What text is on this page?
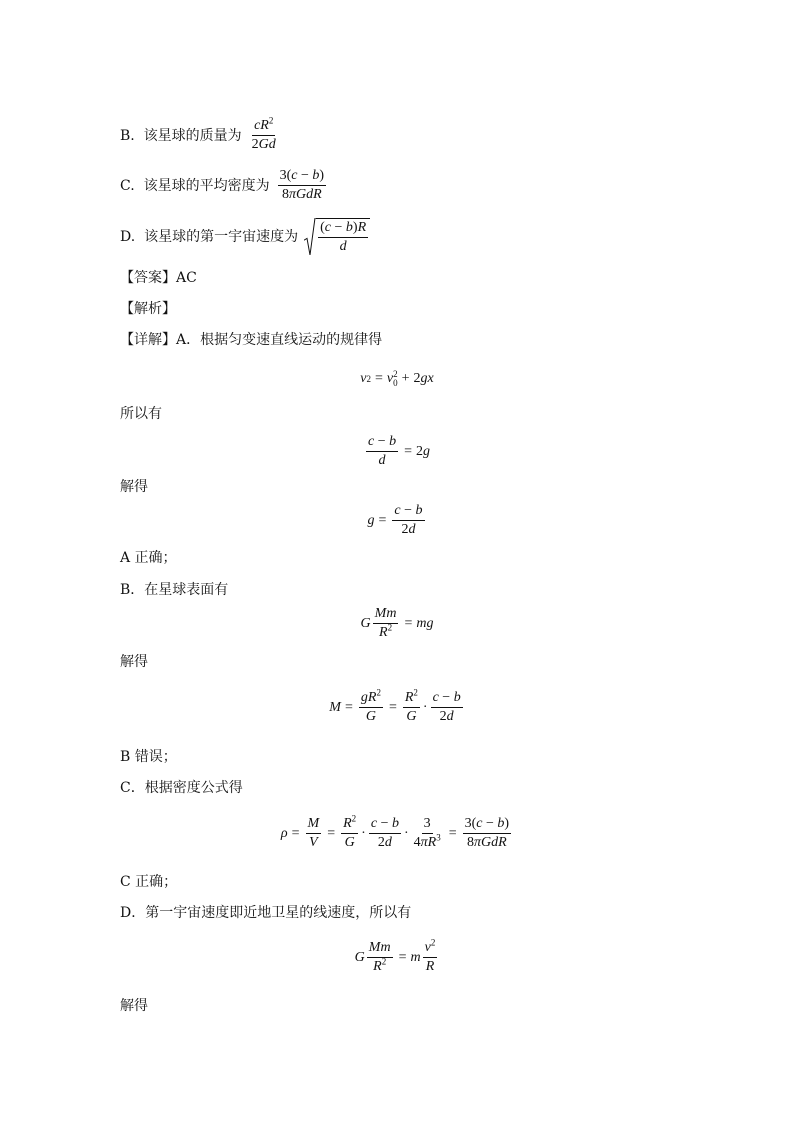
B. 该星球的质量为 $\frac{cR^2}{2Gd}$
C. 该星球的平均密度为 $\frac{3(c - b)}{\text{8πGdR}}$
D. 该星球的第一宇宙速度为 $\frac{(c - b)R}{d}$
【答案】AC
【解析】
【详解】A．根据匀变速直线运动的规律得
v 2 = v 2
0 + 2 gx
所以有
$\frac{c - b}{d} = 2$ g
解得
$g = \frac{c - b}{2d}$
A 正确；
B．在星球表面有
G $\frac{Mm}{R^2}$ = mg
解得
$M = \frac{gR^2}{G} = \frac{R^2}{G} \cdot \frac{c - b}{2d}$
B 错误；
C．根据密度公式得
$\rho = \frac{M}{V} = \frac{R^2}{G} \cdot \frac{c - b}{2d} \cdot \frac{3}{4\pi R^3} = \frac{3(c - b)}{\text{8πGdR}}$
C 正确；
D．第一宇宙速度即近地卫星的线速度，所以有
G $\frac{Mm}{R^2} = m \frac{v^2}{R}$
解得
